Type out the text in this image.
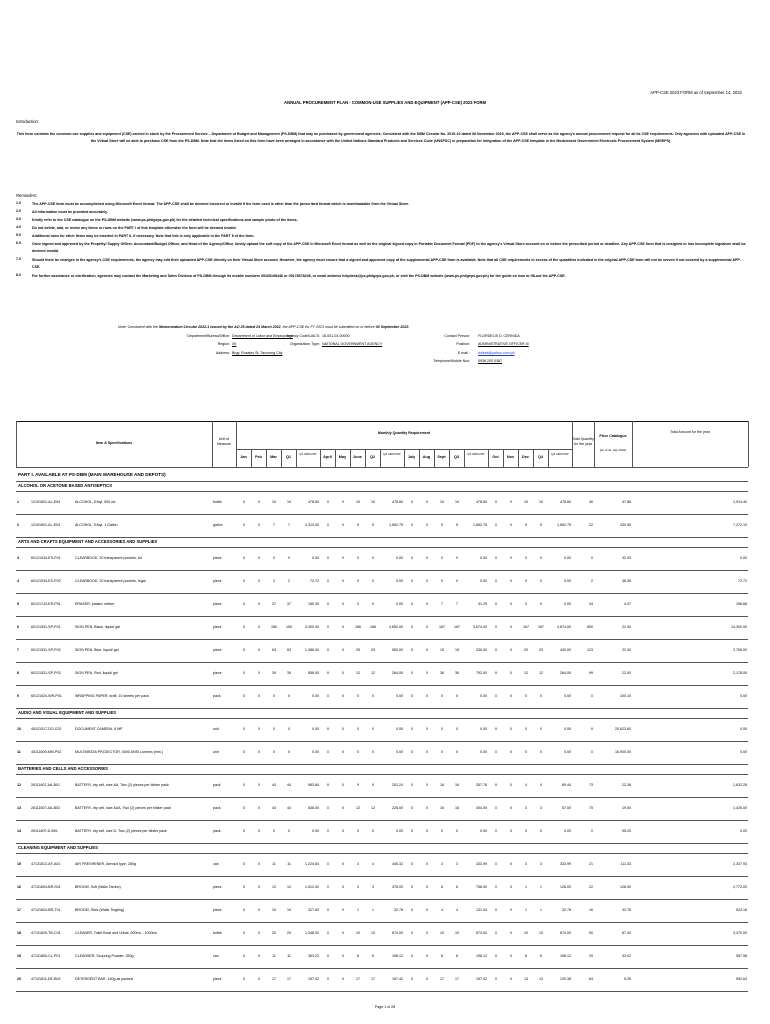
APP-CSE 2023 FORM as of September 14, 2022
ANNUAL PROCUREMENT PLAN - COMMON-USE SUPPLIES AND EQUIPMENT (APP-CSE) 2023 FORM
Introduction:
This form contains the common-use supplies and equipment (CSE) carried in stock by the Procurement Service – Department of Budget and Management (PS-DBM) that may be purchased by government agencies. Consistent with the DBM Circular No. 2019-10 dated 08 November 2019, the APP-CSE shall serve as the agency's annual procurement request for all its CSE requirements. Only agencies with uploaded APP-CSE in the Virtual Store will be able to purchase CSE from the PS-DBM. Note that the items listed on this form have been arranged in accordance with the United Nations Standard Products and Services Code (UNSPSC) in preparation for integration of the APP-CSE template in the Modernized Government Electronic Procurement System (MGEPS).
Reminders:
1.0	The APP-CSE form must be accomplished using Microsoft Excel format. The APP-CSE shall be deemed incorrect or invalid if the form used is other than the prescribed format which is downloadable from the Virtual Store.
2.0	All information must be provided accurately.
3.0	Kindly refer to the CSE catalogue on the PS-DBM website (www.ps-philgeps.gov.ph) for the detailed technical specifications and sample photo of the items.
4.0	Do not delete, add, or revise any items or rows on the PART I of this template otherwise the form will be deemed invalid.
5.0	Additional rows for other items may be inserted in PART II, if necessary. Note that this is only applicable in the PART II of the form.
6.0	Once signed and approved by the Property/ Supply Officer, Accountant/Budget Officer, and Head of the Agency/Office, kindly upload the soft copy of the APP-CSE in Microsoft Excel format as well as the original signed copy in Portable Document Format (PDF) to the agency's Virtual Store account on or before the prescribed period or deadline. Any APP-CSE form that is unsigned or has incomplete signature shall be deemed invalid.
7.0	Should there be changes in the agency's CSE requirements, the agency may edit their uploaded APP-CSE directly on their Virtual Store account. However, the agency must ensure that a signed and approved copy of the supplemental APP-CSE form is available. Note that all CSE requirements in excess of the quantities indicated in the original APP-CSE form will not be served if not covered by a supplemental APP-CSE.
8.0	For further assistance or clarification, agencies may contact the Marketing and Sales Division of PS-DBM through its mobile numbers 09165198446 or 09178678245, or email address helpdesk@ps-philgeps.gov.ph, or visit the PS-DBM website (www.ps-philgeps.gov.ph) for the guide on how to fill-out the APP-CSE.
Note: Consistent with the Memorandum Circular 2022-1 issued by the AO 25 dated 24 March 2022, the APP-CSE for FY 2023 must be submitted on or before 30 September 2022.
Department/Bureau/Office: Department of Labor and Employment
Region: XII
Address: Brgy. Rosales St. Tacurong City
Agency Code/UACS: 16-001-03-00000
Organization Type: NATIONAL GOVERNMENT AGENCY
Contact Person: FLORDELIS D. CERNIDA
Position: ADMINISTRATIVE OFFICER III
E-mail : dolesk@yahoo.com.ph
Telephone/Mobile Nos: 0936 200 0387
Item & Specifications
Unit of Measure
Monthly Quantity Requirement
Jan	Feb	Mar	Q1
Q1 AMOUNT
April	May	June	Q2
Q2 AMOUNT
July	Aug	Sept	Q3
Q3 AMOUNT
Oct	Nov	Dec	Q4
Q4 AMOUNT
Total Quantity for the year
Price Catalogue
(as of 31 July 2022)
Total Amount for the year
PART I. AVAILABLE AT PS-DBM (MAIN WAREHOUSE AND DEPOTS)
ALCOHOL OR ACETONE BASED ANTISEPTICS
1	12191601-AL-E04	ALCOHOL, Ethyl, 500 mL	bottle	0	0	10	10	478.60	0	0	10	10	478.60	0	0	10	10	478.60	0	0	10	10	478.60	40	47.86	1,914.40
2	12191601-AL-E03	ALCOHOL, Ethyl, 1 Gallon	gallon	0	0	7	7	3,313.00	0	0	5	5	1,652.75	0	0	5	5	1,652.75	0	0	5	5	1,652.75	22	330.55	7,272.10
ARTS AND CRAFTS EQUIPMENT AND ACCESSORIES AND SUPPLIES
3	60121534-ES-P01	CLEARBOOK, 20 transparent pockets, A4	piece	0	0	0	0	0.00	0	0	0	0	0.00	0	0	0	0	0.00	0	0	0	0	0.00	0	32.93	0.00
4	60121534-ES-P02	CLEARBOOK, 20 transparent pockets, legal	piece	0	0	2	2	72.72	0	0	0	0	0.00	0	0	0	0	0.00	0	0	0	0	0.00	2	36.36	72.72
5	60121743-ER-P01	ERASER, plastic/ rubber	piece	0	0	37	37	165.39	0	0	0	0	0.00	0	0	7	7	31.29	0	0	0	0	0.00	44	4.47	196.68
6	60121531-SP-P01	SIGN PEN, Black, liquid/ gel	piece	0	0	150	150	3,300.00	0	0	166	166	3,652.00	0	0	167	167	3,674.00	0	0	167	167	3,674.00	650	22.00	14,300.00
7	60121531-SP-P02	SIGN PEN, Blue, liquid/ gel	piece	0	0	63	63	1,386.00	0	0	25	25	550.00	0	0	15	15	330.00	0	0	20	20	440.00	123	22.00	2,706.00
8	60121531-SP-P03	SIGN PEN, Red, liquid/ gel	piece	0	0	39	39	858.00	0	0	12	12	264.00	0	0	36	36	792.00	0	0	12	12	264.00	99	22.00	2,178.00
9	60121524-WR-P01	WRAPPING PAPER, kraft, 10 sheets per pack	pack	0	0	0	0	0.00	0	0	0	0	0.00	0	0	0	0	0.00	0	0	0	0	0.00	0	100.10	0.00
AUDIO AND VISUAL EQUIPMENT AND SUPPLIES
10	45121517-DO-C02	DOCUMENT CAMERA, 8 MP	unit	0	0	0	0	0.00	0	0	0	0	0.00	0	0	0	0	0.00	0	0	0	0	0.00	0	20,623.60	0.00
11	45111609-MM-P02	MULTIMEDIA PROJECTOR, 4000 ANSI Lumens (min.)	unit	0	0	0	0	0.00	0	0	0	0	0.00	0	0	0	0	0.00	0	0	0	0	0.00	0	16,900.00	0.00
BATTERIES AND CELLS AND ACCESSORIES
12	26111607-AA-B01	BATTERY, dry cell, size AA, Two (2) pieces per blister pack	pack	0	0	44	44	983.84	0	0	9	9	201.24	0	0	16	16	357.76	0	0	4	4	89.44	73	22.36	1,632.28
13	26111607-AA-B02	BATTERY, dry cell, size AAA, Two (2) pieces per blister pack	pack	0	0	44	44	836.00	0	0	12	12	228.00	0	0	16	16	304.00	0	0	3	3	57.00	75	19.00	1,425.00
14	26111607-D-B01	BATTERY, dry cell, size D, Two (2) pieces per blister pack	pack	0	0	0	0	0.00	0	0	0	0	0.00	0	0	0	0	0.00	0	0	0	0	0.00	0	95.20	0.00
CLEANING EQUIPMENT AND SUPPLIES
15	47131812-AF-A01	AIR FRESHENER, Aerosol type, 280g	can	0	0	11	11	1,224.63	0	0	4	4	445.32	0	0	3	3	333.99	0	0	3	3	333.99	21	111.33	2,337.93
16	47131604-BR-S01	BROOM, Soft (Walis Tambo)	piece	0	0	12	12	1,512.00	0	0	3	3	378.00	0	0	6	6	756.00	0	0	1	1	126.00	22	126.00	2,772.00
17	47131604-BR-T01	BROOM, Stick (Walis Tingting)	piece	0	0	10	10	327.60	0	0	1	1	32.76	0	0	4	4	131.04	0	0	1	1	32.76	16	32.76	524.16
18	47131829-TB-C01	CLEANER, Toilet Bowl and Urinal, 900mL - 1000mL	bottle	0	0	20	20	1,348.00	0	0	10	10	674.00	0	0	10	10	674.00	0	0	10	10	674.00	50	67.40	3,370.00
19	47131805-CL-P01	CLEANSER, Scouring Powder, 350g	can	0	0	11	11	363.22	0	0	6	6	198.12	0	0	6	6	198.12	0	0	6	6	198.12	29	33.02	957.58
20	47131811-DE-B02	DETERGENT BAR, 140g as packed	piece	0	0	17	17	157.42	0	0	17	17	157.42	0	0	17	17	157.42	0	0	13	13	120.38	64	9.26	592.64
Page 1 of 28
